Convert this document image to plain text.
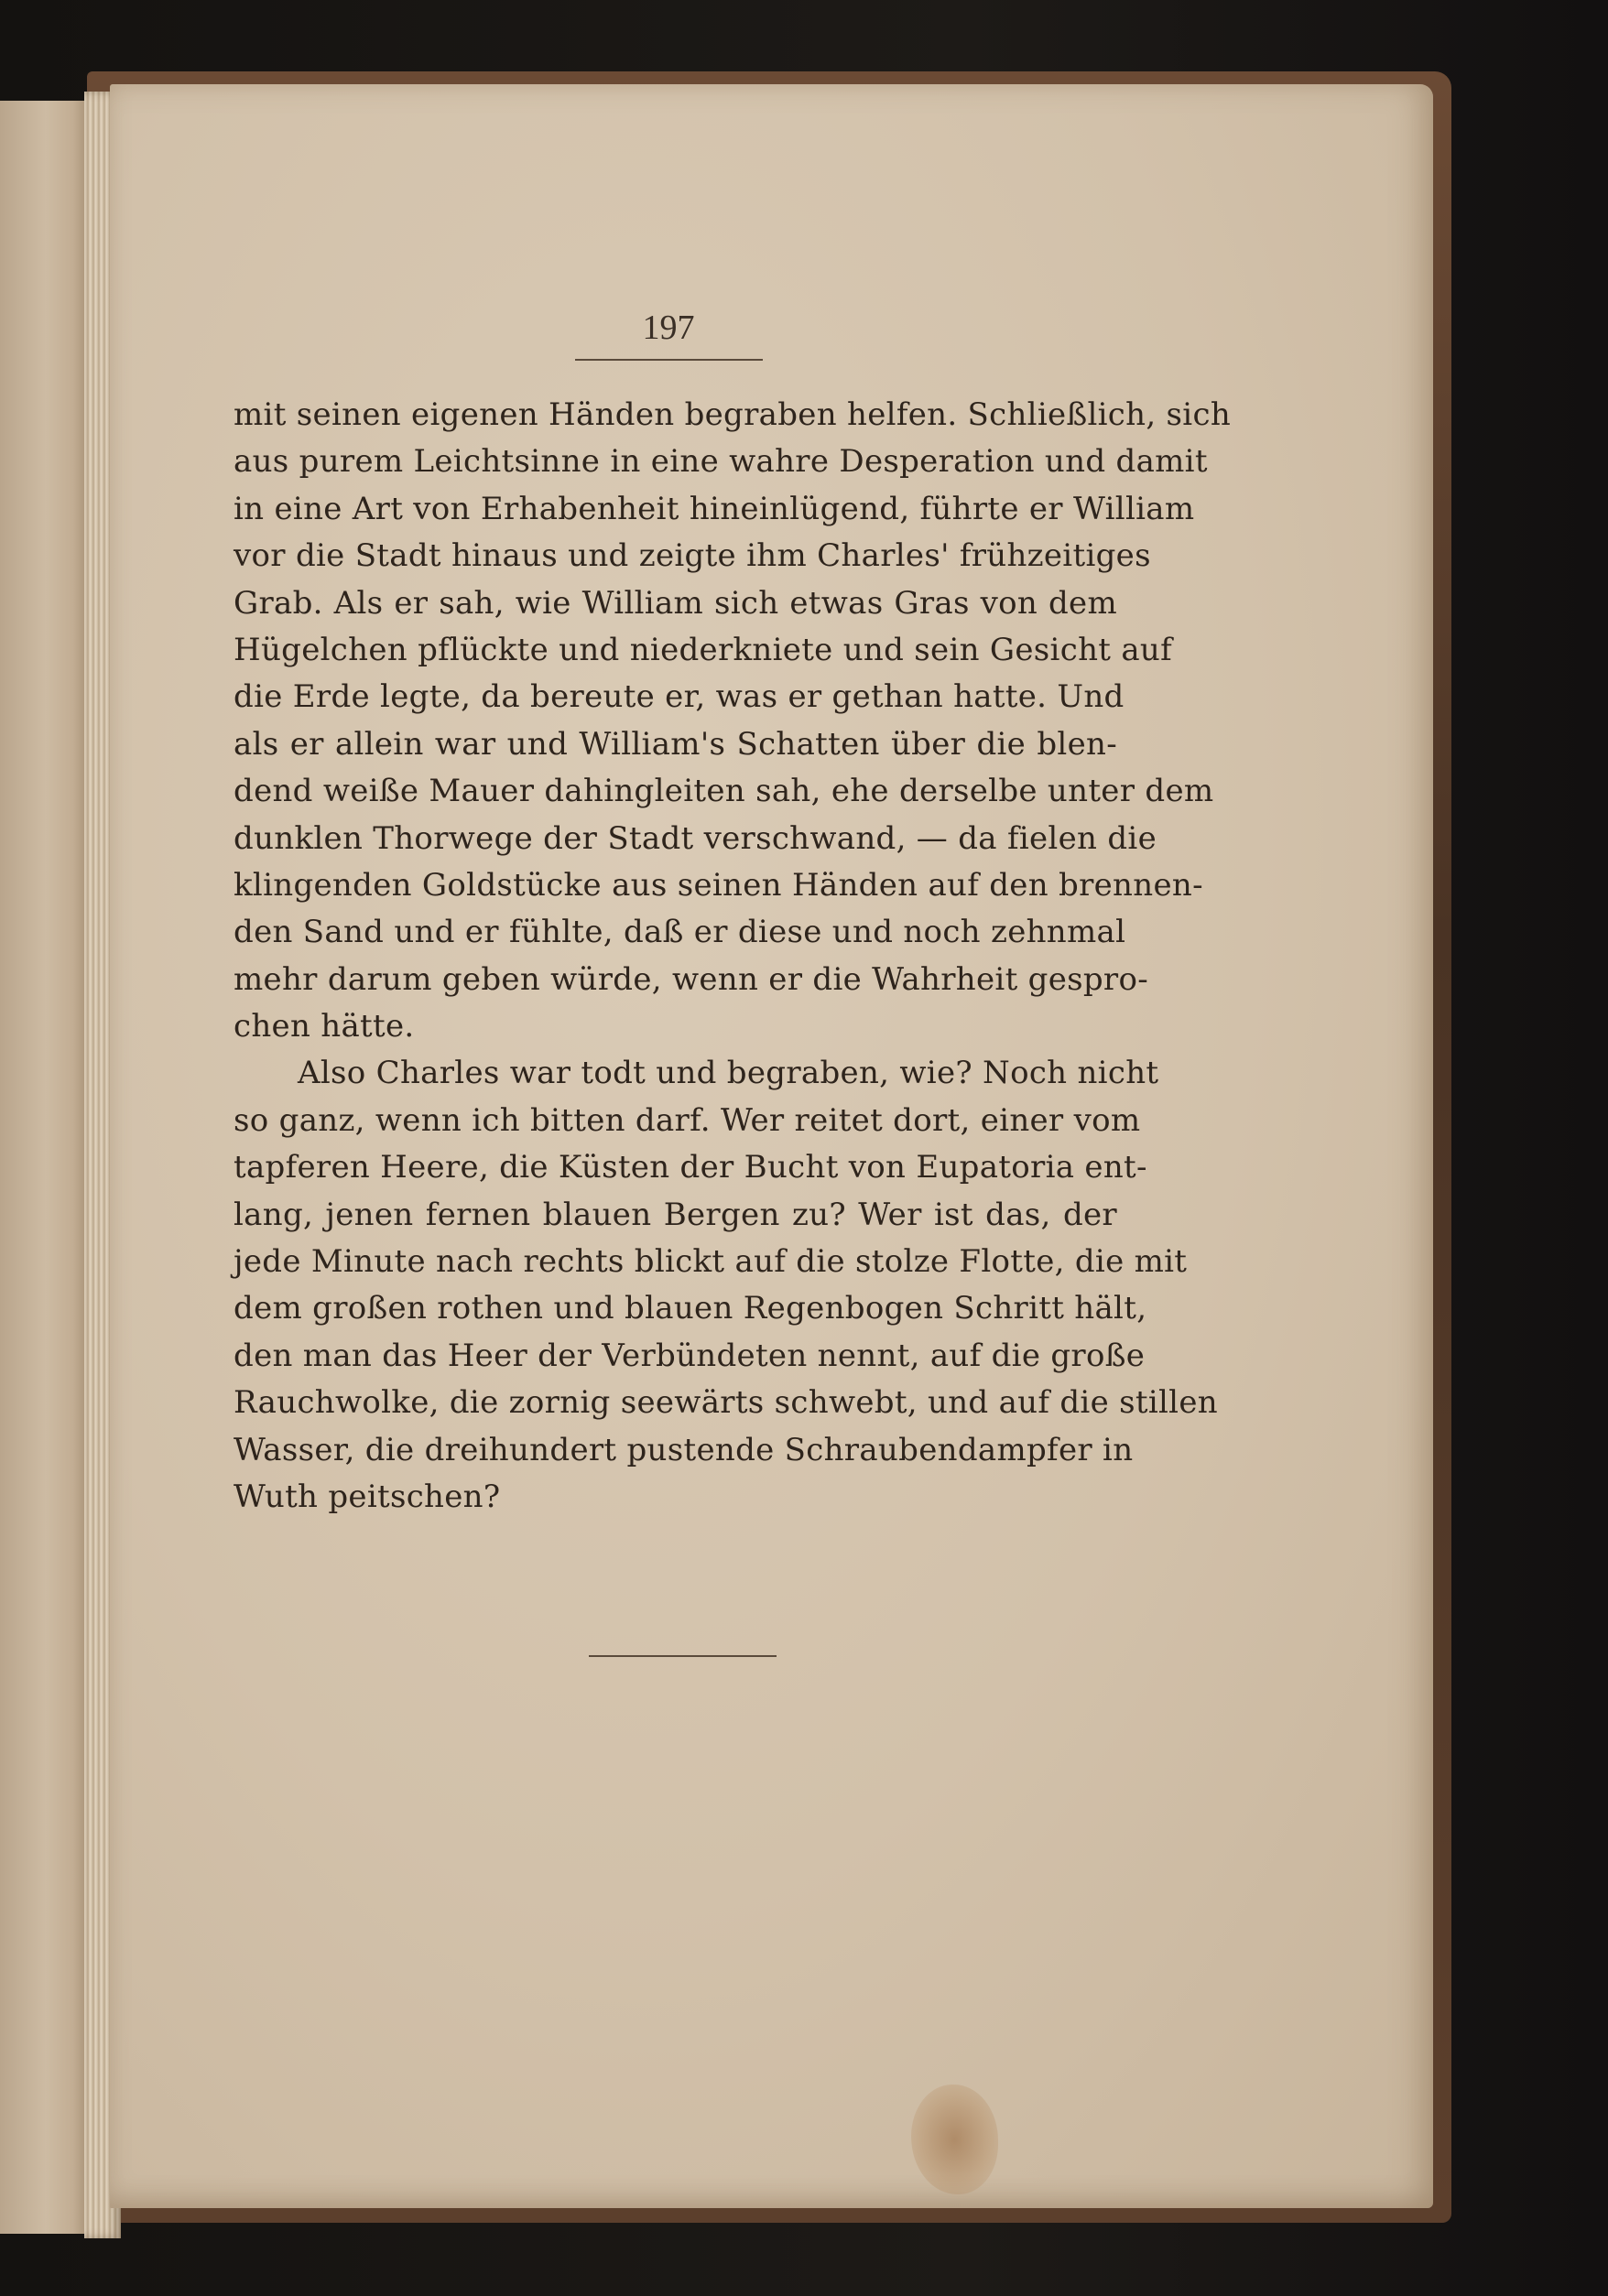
197
mit seinen eigenen Händen begraben helfen. Schließlich, sich
aus purem Leichtsinne in eine wahre Desperation und damit
in eine Art von Erhabenheit hineinlügend, führte er William
vor die Stadt hinaus und zeigte ihm Charles' frühzeitiges
Grab. Als er sah, wie William sich etwas Gras von dem
Hügelchen pflückte und niederkniete und sein Gesicht auf
die Erde legte, da bereute er, was er gethan hatte. Und
als er allein war und William's Schatten über die blen-
dend weiße Mauer dahingleiten sah, ehe derselbe unter dem
dunklen Thorwege der Stadt verschwand, — da fielen die
klingenden Goldstücke aus seinen Händen auf den brennen-
den Sand und er fühlte, daß er diese und noch zehnmal
mehr darum geben würde, wenn er die Wahrheit gespro-
chen hätte.
Also Charles war todt und begraben, wie? Noch nicht
so ganz, wenn ich bitten darf. Wer reitet dort, einer vom
tapferen Heere, die Küsten der Bucht von Eupatoria ent-
lang, jenen fernen blauen Bergen zu? Wer ist das, der
jede Minute nach rechts blickt auf die stolze Flotte, die mit
dem großen rothen und blauen Regenbogen Schritt hält,
den man das Heer der Verbündeten nennt, auf die große
Rauchwolke, die zornig seewärts schwebt, und auf die stillen
Wasser, die dreihundert pustende Schraubendampfer in
Wuth peitschen?
